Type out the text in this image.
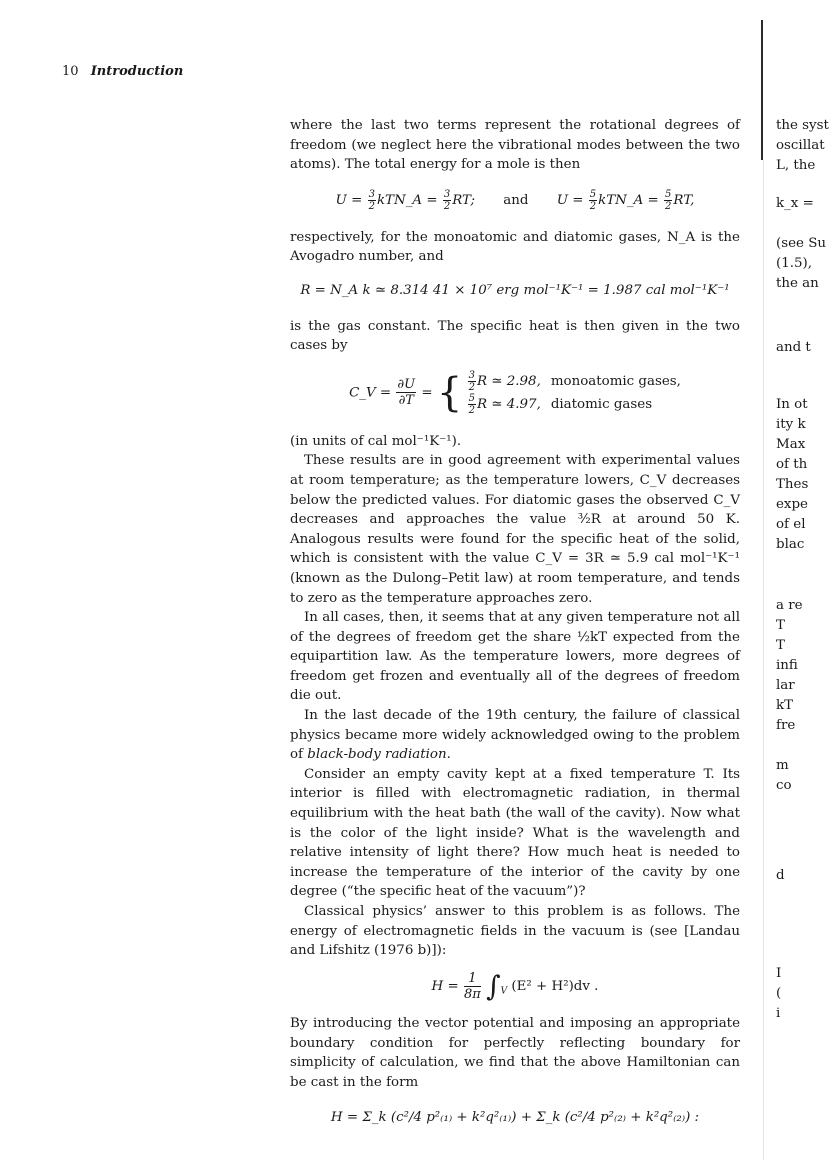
10 Introduction

where the last two terms represent the rotational degrees of freedom (we neglect here the vibrational modes between the two atoms). The total energy for a mole is then

$U = \frac{3}{2}$ kTN_A = $\frac{3}{2}$ RT; and $U = \frac{5}{2}$ kTN_A = $\frac{5}{2}$ RT,

respectively, for the monoatomic and diatomic gases, N_A is the Avogadro number, and

R = N_A k ≃ 8.314 41 × 10⁷ erg mol⁻¹K⁻¹ = 1.987 cal mol⁻¹K⁻¹

is the gas constant. The specific heat is then given in the two cases by

C_V = $\frac{\partial U}{\partial T}$ = { $\frac{3}{2}$ R ≃ 2.98, monoatomic gases,

$\frac{5}{2}$ R ≃ 4.97, diatomic gases

(in units of cal mol⁻¹K⁻¹).

These results are in good agreement with experimental values at room temperature; as the temperature lowers, C_V decreases below the predicted values. For diatomic gases the observed C_V decreases and approaches the value ³⁄₂R at around 50 K. Analogous results were found for the specific heat of the solid, which is consistent with the value C_V = 3R ≃ 5.9 cal mol⁻¹K⁻¹ (known as the Dulong–Petit law) at room temperature, and tends to zero as the temperature approaches zero.

In all cases, then, it seems that at any given temperature not all of the degrees of freedom get the share ½kT expected from the equipartition law. As the temperature lowers, more degrees of freedom get frozen and eventually all of the degrees of freedom die out.

In the last decade of the 19th century, the failure of classical physics became more widely acknowledged owing to the problem of black-body radiation.

Consider an empty cavity kept at a fixed temperature T. Its interior is filled with electromagnetic radiation, in thermal equilibrium with the heat bath (the wall of the cavity). Now what is the color of the light inside? What is the wavelength and relative intensity of light there? How much heat is needed to increase the temperature of the interior of the cavity by one degree (“the specific heat of the vacuum”)?

Classical physics’ answer to this problem is as follows. The energy of electromagnetic fields in the vacuum is (see [Landau and Lifshitz (1976 b)]):

$H = \frac{1}{8\pi} \int_V$ (E² + H²)dv .

By introducing the vector potential and imposing an appropriate boundary condition for perfectly reflecting boundary for simplicity of calculation, we find that the above Hamiltonian can be cast in the form

H = Σ_k (c²/4 p²₍₁₎ + k²q²₍₁₎) + Σ_k (c²/4 p²₍₂₎ + k²q²₍₂₎) :
the syst
oscillat
L, the
k_x =
(see Su
(1.5),
the an
and t
In ot
ity k
Max
of th
Thes
expe
of el
blac
a re
T
T
infi
lar
kT
fre
m
co
d
I
(
i
